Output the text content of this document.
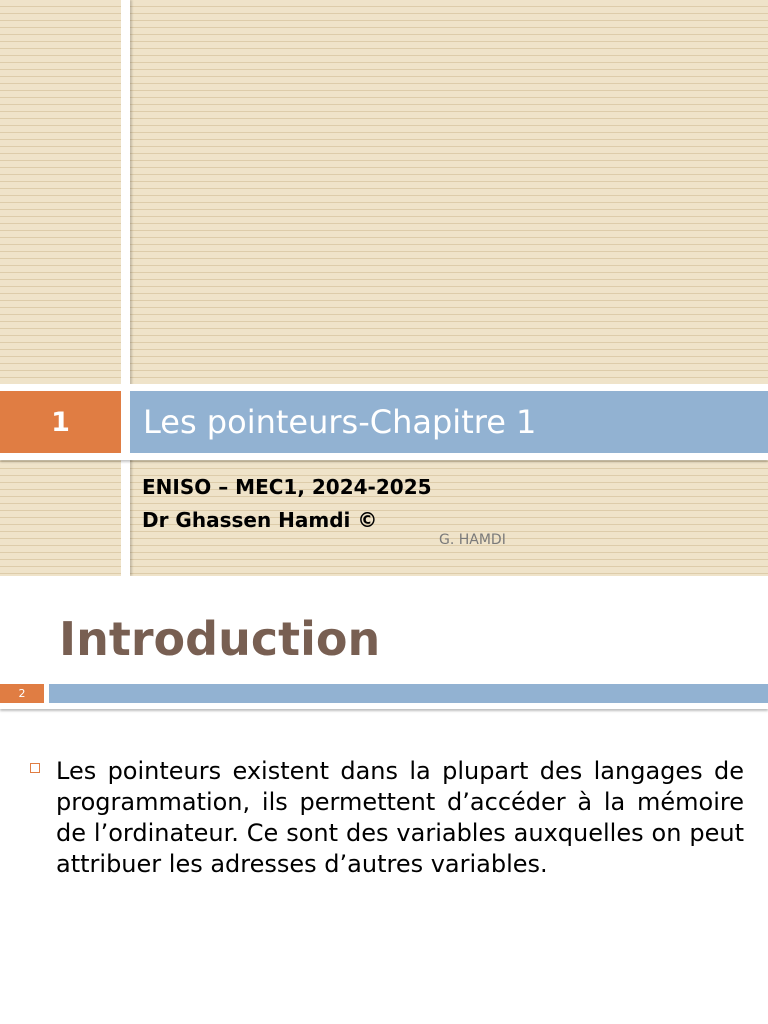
1 Les pointeurs-Chapitre 1
ENISO – MEC1, 2024-2025
Dr Ghassen Hamdi ©
G. HAMDI
Introduction
2
Les pointeurs existent dans la plupart des langages de programmation, ils permettent d’accéder à la mémoire de l’ordinateur. Ce sont des variables auxquelles on peut attribuer les adresses d’autres variables.
